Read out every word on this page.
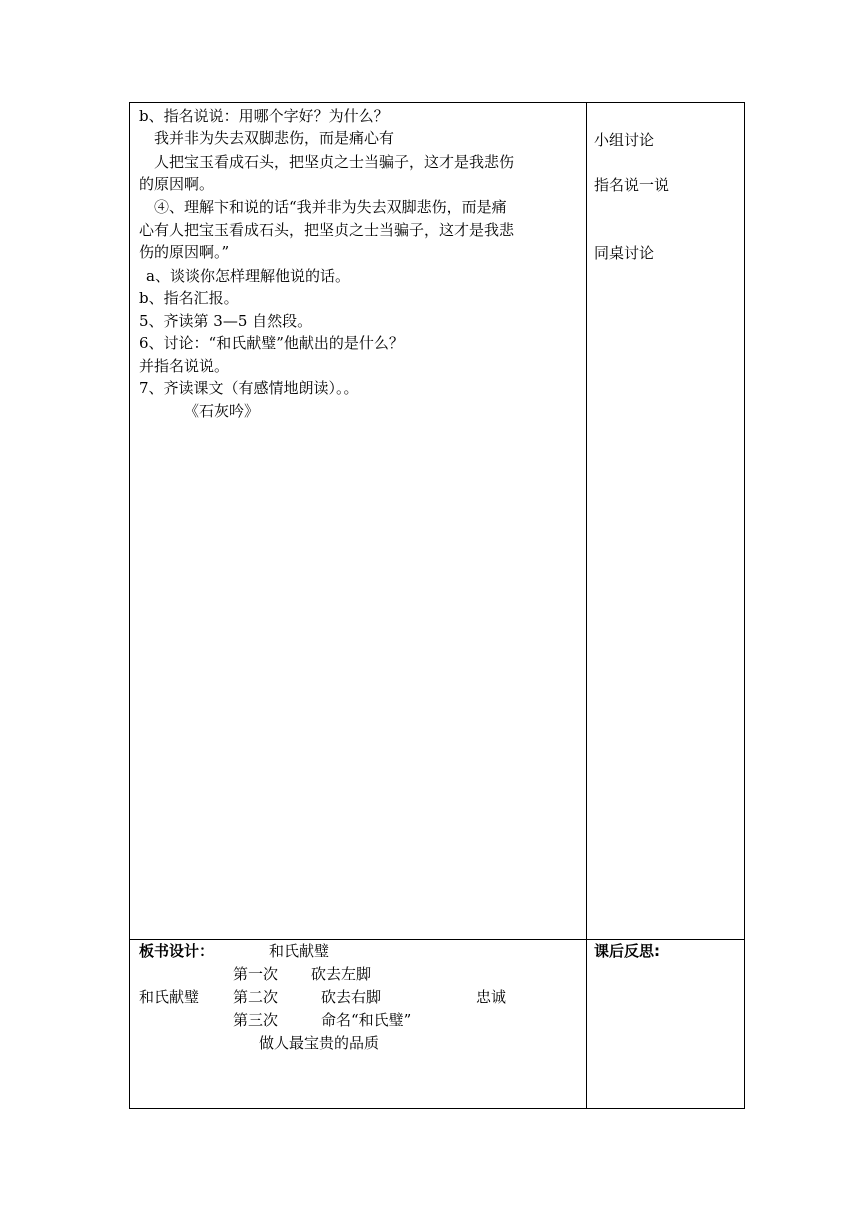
b、指名说说：用哪个字好？为什么？
我并非为失去双脚悲伤，而是痛心有
人把宝玉看成石头，把坚贞之士当骗子，这才是我悲伤
的原因啊。
④、理解卞和说的话“我并非为失去双脚悲伤，而是痛
心有人把宝玉看成石头，把坚贞之士当骗子，这才是我悲
伤的原因啊。”
a、谈谈你怎样理解他说的话。
b、指名汇报。
5、齐读第 3—5 自然段。
6、讨论：“和氏献璧”他献出的是什么？
并指名说说。
7、齐读课文（有感情地朗读）。。
《石灰吟》
小组讨论
指名说一说
同桌讨论
板书设计：	和氏献璧
第一次 砍去左脚
和氏献璧 第二次	砍去右脚	忠诚
第三次	命名“和氏璧”
做人最宝贵的品质
课后反思:
